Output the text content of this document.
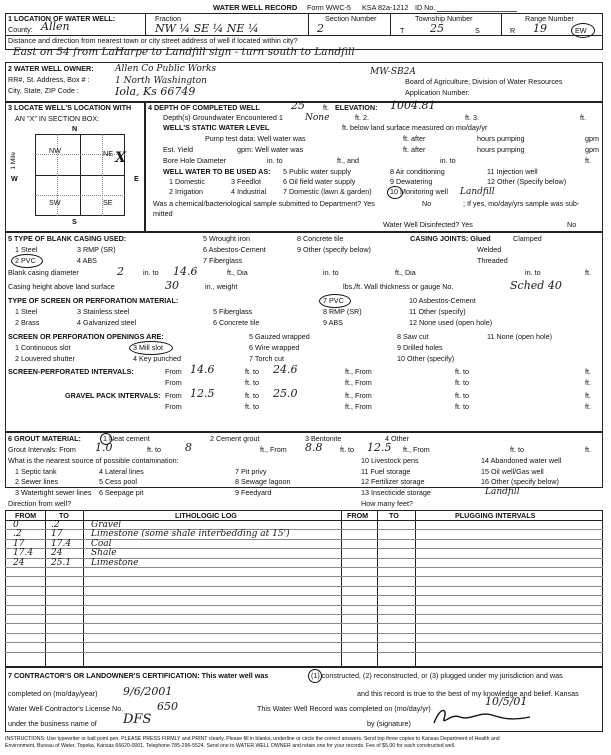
WATER WELL RECORD Form WWC-5 KSA 82a-1212 ID No.
1 LOCATION OF WATER WELL:
County: Allen
Fraction
NW ¼ SE ¼ NE ¼
Section Number
2
Township Number
T 25	S
Range Number
R 19	EW
Distance and direction from nearest town or city street address of well if located within city?
East on 54 from LaHarpe to Landfill sign - turn south to Landfill
2 WATER WELL OWNER: Allen Co Public Works
RR#, St. Address, Box # :	1 North Washington
City, State, ZIP Code :	Iola, Ks 66749
MW-SB2A
Board of Agriculture, Division of Water Resources
Application Number:
3 LOCATE WELL'S LOCATION WITH
AN "X" IN SECTION BOX:
N
S
W	E
1 Mile
NW	NE
SW	SE
X
4 DEPTH OF COMPLETED WELL	25	ft. ELEVATION: 1004.81
Depth(s) Groundwater Encountered 1 None	ft. 2.	ft. 3.	ft.
WELL'S STATIC WATER LEVEL	ft. below land surface measured on mo/day/yr
Pump test data: Well water was	ft. after	hours pumping	gpm
Est. Yield	gpm: Well water was	ft. after	hours pumping	gpm
Bore Hole Diameter	in. to	ft., and	in. to	ft.
WELL WATER TO BE USED AS: 5 Public water supply	8 Air conditioning	11 Injection well
1 Domestic	3 Feedlot	6 Oil field water supply	9 Dewatering	12 Other (Specify below)
2 Irrigation	4 Industrial 7 Domestic (lawn & garden)	10 Monitoring well Landfill
Was a chemical/bacteriological sample submitted to Department? Yes	No	; If yes, mo/day/yrs sample was sub-
mitted
Water Well Disinfected? Yes	No
5 TYPE OF BLANK CASING USED:	5 Wrought iron	8 Concrete tile	CASING JOINTS: Glued	Clamped
1 Steel	3 RMP (SR)	6 Asbestos-Cement	9 Other (specify below)	Welded
2 PVC	4 ABS	7 Fiberglass	Threaded
Blank casing diameter	2	in. to 14.6	ft., Dia	in. to	ft., Dia	in. to	ft.
Casing height above land surface	30	in., weight	lbs./ft. Wall thickness or gauge No.	Sched 40
TYPE OF SCREEN OR PERFORATION MATERIAL:	7 PVC	10 Asbestos-Cement
1 Steel	3 Stainless steel	5 Fiberglass	8 RMP (SR)	11 Other (specify)
2 Brass	4 Galvanized steel	6 Concrete tile	9 ABS	12 None used (open hole)
SCREEN OR PERFORATION OPENINGS ARE:	5 Gauzed wrapped	8 Saw cut	11 None (open hole)
1 Continuous slot	3 Mill slot	6 Wire wrapped	9 Drilled holes
2 Louvered shutter	4 Key punched	7 Torch cut	10 Other (specify)
SCREEN-PERFORATED INTERVALS:	From 14.6	ft. to 24.6	ft., From	ft. to	ft.
From	ft. to	ft., From	ft. to	ft.
GRAVEL PACK INTERVALS: From 12.5	ft. to 25.0	ft., From	ft. to	ft.
From	ft. to	ft., From	ft. to	ft.
6 GROUT MATERIAL:	1 Neat cement	2 Cement grout	3 Bentonite	4 Other
Grout Intervals: From 1.0	ft. to 8	ft., From 8.8 ft. to 12.5 ft., From	ft. to	ft.
What is the nearest source of possible contamination:	10 Livestock pens	14 Abandoned water well
1 Septic tank	4 Lateral lines	7 Pit privy	11 Fuel storage	15 Oil well/Gas well
2 Sewer lines	5 Cess pool	8 Sewage lagoon	12 Fertilizer storage	16 Other (specify below)
3 Watertight sewer lines 6 Seepage pit	9 Feedyard	13 Insecticide storage	Landfill
Direction from well?	How many feet?
FROM	TO	LITHOLOGIC LOG	FROM	TO	PLUGGING INTERVALS
7 CONTRACTOR'S OR LANDOWNER'S CERTIFICATION: This water well was	(1) constructed, (2) reconstructed, or (3) plugged under my jurisdiction and was
completed on (mo/day/year) 9/6/2001	and this record is true to the best of my knowledge and belief. Kansas
Water Well Contractor's License No.	650	This Water Well Record was completed on (mo/day/yr)
10/5/01
under the business name of DFS	by (signature)
INSTRUCTIONS: Use typewriter or ball point pen. PLEASE PRESS FIRMLY and PRINT clearly. Please fill in blanks, underline or circle the correct answers. Send top three copies to Kansas Department of Health and
Environment, Bureau of Water, Topeka, Kansas 66620-0001, Telephone 785-296-5524. Send one to WATER WELL OWNER and retain one for your records. Fee of $5.00 for each constructed well.
0	.2	Gravel
.2	17	Limestone (some shale interbedding at 15')
17	17.4 Coal
17.4 24	Shale
24	25.1 Limestone
